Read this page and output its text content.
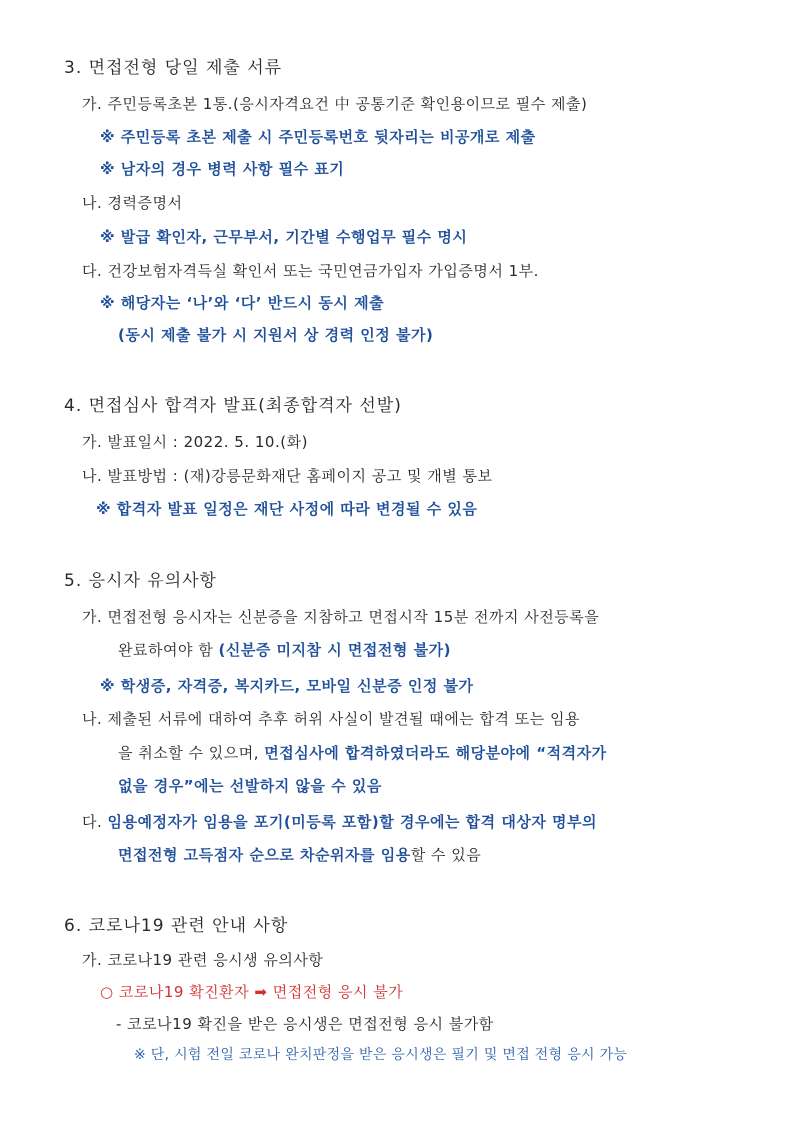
3. 면접전형 당일 제출 서류
가. 주민등록초본 1통.(응시자격요건 中 공통기준 확인용이므로 필수 제출)
※ 주민등록 초본 제출 시 주민등록번호 뒷자리는 비공개로 제출
※ 남자의 경우 병력 사항 필수 표기
나. 경력증명서
※ 발급 확인자, 근무부서, 기간별 수행업무 필수 명시
다. 건강보험자격득실 확인서 또는 국민연금가입자 가입증명서 1부.
※ 해당자는 ‘나’와 ‘다’ 반드시 동시 제출
(동시 제출 불가 시 지원서 상 경력 인정 불가)
4. 면접심사 합격자 발표(최종합격자 선발)
가. 발표일시 : 2022. 5. 10.(화)
나. 발표방법 : (재)강릉문화재단 홈페이지 공고 및 개별 통보
※ 합격자 발표 일정은 재단 사정에 따라 변경될 수 있음
5. 응시자 유의사항
가. 면접전형 응시자는 신분증을 지참하고 면접시작 15분 전까지 사전등록을
완료하여야 함 (신분증 미지참 시 면접전형 불가)
※ 학생증, 자격증, 복지카드, 모바일 신분증 인정 불가
나. 제출된 서류에 대하여 추후 허위 사실이 발견될 때에는 합격 또는 임용
을 취소할 수 있으며, 면접심사에 합격하였더라도 해당분야에 “적격자가
없을 경우”에는 선발하지 않을 수 있음
다. 임용예정자가 임용을 포기(미등록 포함)할 경우에는 합격 대상자 명부의
면접전형 고득점자 순으로 차순위자를 임용할 수 있음
6. 코로나19 관련 안내 사항
가. 코로나19 관련 응시생 유의사항
○ 코로나19 확진환자 ➡ 면접전형 응시 불가
- 코로나19 확진을 받은 응시생은 면접전형 응시 불가함
※ 단, 시험 전일 코로나 완치판정을 받은 응시생은 필기 및 면접 전형 응시 가능
